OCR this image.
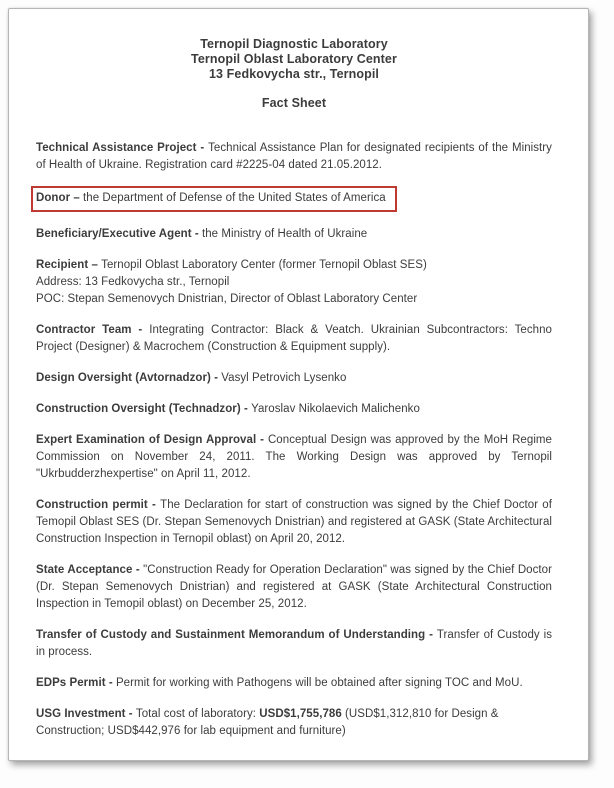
Ternopil Diagnostic Laboratory
Ternopil Oblast Laboratory Center
13 Fedkovycha str., Ternopil
Fact Sheet

Technical Assistance Project - Technical Assistance Plan for designated recipients of the Ministry of Health of Ukraine. Registration card #2225-04 dated 21.05.2012.

Donor – the Department of Defense of the United States of America

Beneficiary/Executive Agent - the Ministry of Health of Ukraine

Recipient – Ternopil Oblast Laboratory Center (former Ternopil Oblast SES)
Address: 13 Fedkovycha str., Ternopil
POC: Stepan Semenovych Dnistrian, Director of Oblast Laboratory Center

Contractor Team - Integrating Contractor: Black & Veatch. Ukrainian Subcontractors: Techno Project (Designer) & Macrochem (Construction & Equipment supply).

Design Oversight (Avtornadzor) - Vasyl Petrovich Lysenko

Construction Oversight (Technadzor) - Yaroslav Nikolaevich Malichenko

Expert Examination of Design Approval - Conceptual Design was approved by the MoH Regime Commission on November 24, 2011. The Working Design was approved by Ternopil "Ukrbudderzhexpertise" on April 11, 2012.

Construction permit - The Declaration for start of construction was signed by the Chief Doctor of Temopil Oblast SES (Dr. Stepan Semenovych Dnistrian) and registered at GASK (State Architectural Construction Inspection in Ternopil oblast) on April 20, 2012.

State Acceptance - "Construction Ready for Operation Declaration" was signed by the Chief Doctor (Dr. Stepan Semenovych Dnistrian) and registered at GASK (State Architectural Construction Inspection in Temopil oblast) on December 25, 2012.

Transfer of Custody and Sustainment Memorandum of Understanding - Transfer of Custody is in process.

EDPs Permit - Permit for working with Pathogens will be obtained after signing TOC and MoU.

USG Investment - Total cost of laboratory: USD$1,755,786 (USD$1,312,810 for Design & Construction; USD$442,976 for lab equipment and furniture)
